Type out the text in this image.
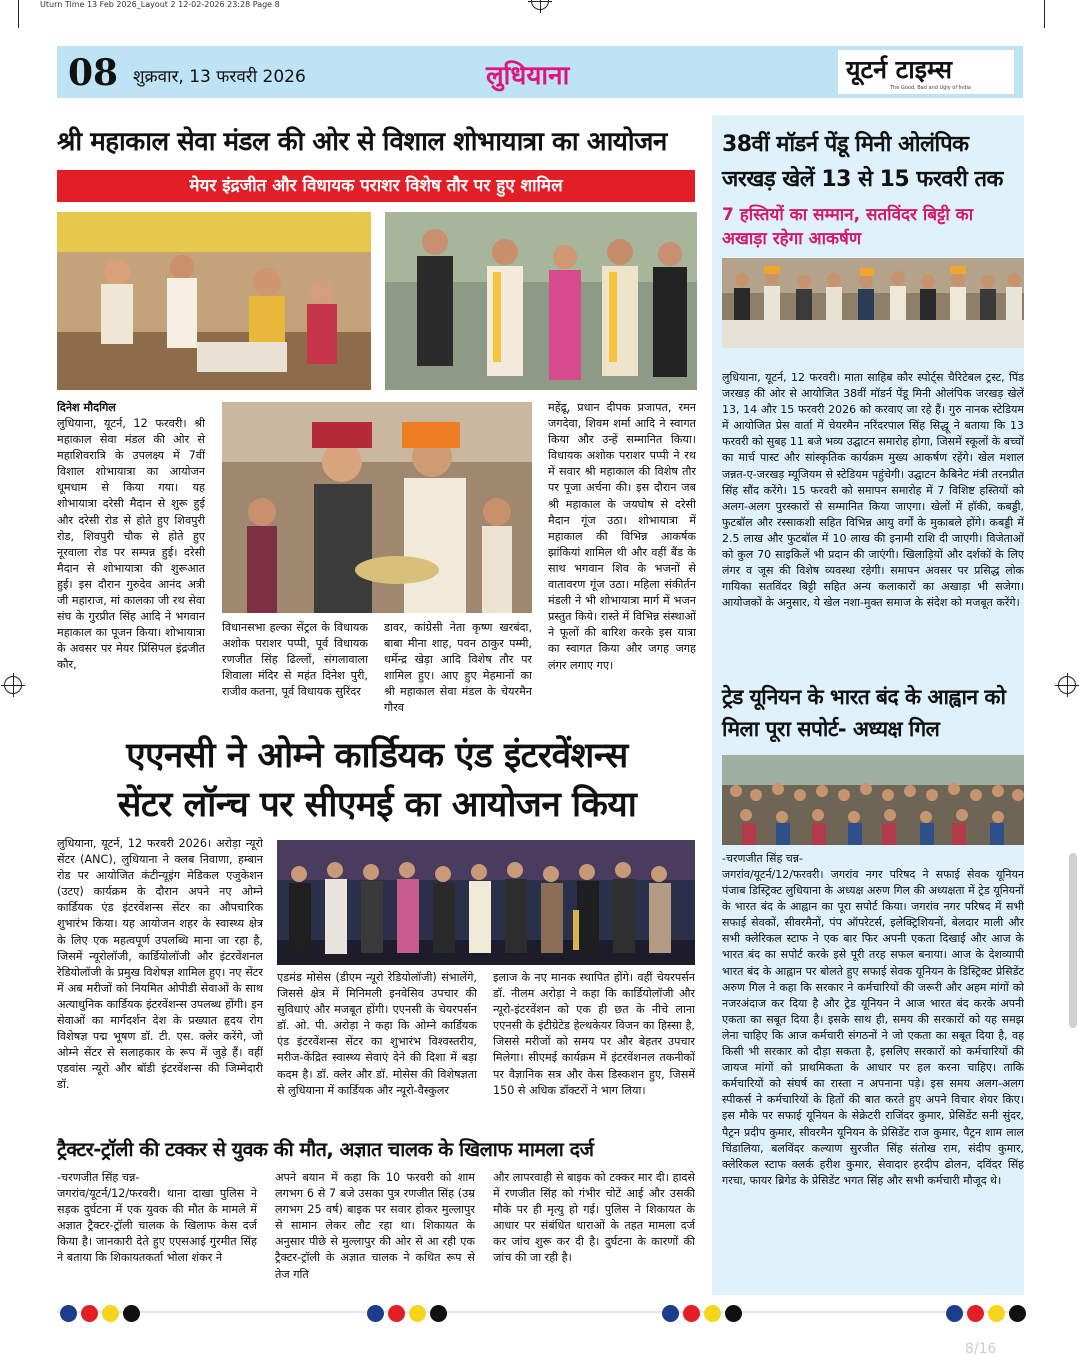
Uturn Time 13 Feb 2026_Layout 2 12-02-2026 23:28 Page 8
08 शुक्रवार, 13 फरवरी 2026	लुधियाना	यूटर्न टाइम्स
The Good, Bad and Ugly of India
श्री महाकाल सेवा मंडल की ओर से विशाल शोभायात्रा का आयोजन
मेयर इंद्रजीत और विधायक पराशर विशेष तौर पर हुए शामिल
दिनेश मौदगिल
लुधियाना, यूटर्न, 12 फरवरी। श्री महाकाल सेवा मंडल की ओर से महाशिवरात्रि के उपलक्ष्य में 7वीं विशाल शोभायात्रा का आयोजन धूमधाम से किया गया। यह शोभायात्रा दरेसी मैदान से शुरू हुई और दरेसी रोड से होते हुए शिवपुरी रोड, शिवपुरी चौक से होते हुए नूरवाला रोड पर सम्पन्न हुई। दरेसी मैदान से शोभायात्रा की शुरूआत हुई। इस दौरान गुरुदेव आनंद अत्री जी महाराज, मां कालका जी रथ सेवा संघ के गुरप्रीत सिंह आदि ने भगवान महाकाल का पूजन किया। शोभायात्रा के अवसर पर मेयर प्रिंसिपल इंद्रजीत कौर,
विधानसभा हल्का सेंट्रल के विधायक अशोक पराशर पप्पी, पूर्व विधायक रणजीत सिंह ढिल्लों, संगलावाला शिवाला मंदिर से महंत दिनेश पुरी, राजीव कतना, पूर्व विधायक सुरिंदर
डावर, कांग्रेसी नेता कृष्ण खरबंदा, बाबा मीना शाह, पवन ठाकुर पम्मी, धर्मेन्द्र खेड़ा आदि विशेष तौर पर शामिल हुए। आए हुए मेहमानों का श्री महाकाल सेवा मंडल के चेयरमैन गौरव
महेंद्रू, प्रधान दीपक प्रजापत, रमन जगदेवा, शिवम शर्मा आदि ने स्वागत किया और उन्हें सम्मानित किया। विधायक अशोक पराशर पप्पी ने रथ में सवार श्री महाकाल की विशेष तौर पर पूजा अर्चना की। इस दौरान जब श्री महाकाल के जयघोष से दरेसी मैदान गूंज उठा। शोभायात्रा में महाकाल की विभिन्न आकर्षक झांकियां शामिल थी और वहीं बैंड के साथ भगवान शिव के भजनों से वातावरण गूंज उठा। महिला संकीर्तन मंडली ने भी शोभायात्रा मार्ग में भजन प्रस्तुत किये। रास्ते में विभिन्न संस्थाओं ने फूलों की बारिश करके इस यात्रा का स्वागत किया और जगह जगह लंगर लगाए गए।
एएनसी ने ओम्ने कार्डियक एंड इंटरवेंशन्स
सेंटर लॉन्च पर सीएमई का आयोजन किया
लुधियाना, यूटर्न, 12 फरवरी 2026। अरोड़ा न्यूरो सेंटर (ANC), लुधियाना ने क्लब निवाणा, हम्बान रोड पर आयोजित कंटीन्यूइंग मेडिकल एजुकेशन (उटए) कार्यक्रम के दौरान अपने नए ओम्ने कार्डियक एंड इंटरवेंशन्स सेंटर का औपचारिक शुभारंभ किया। यह आयोजन शहर के स्वास्थ्य क्षेत्र के लिए एक महत्वपूर्ण उपलब्धि माना जा रहा है, जिसमें न्यूरोलॉजी, कार्डियोलॉजी और इंटरवेंशनल रेडियोलॉजी के प्रमुख विशेषज्ञ शामिल हुए। नए सेंटर में अब मरीजों को नियमित ओपीडी सेवाओं के साथ अत्याधुनिक कार्डियक इंटरवेंशन्स उपलब्ध होंगी। इन सेवाओं का मार्गदर्शन देश के प्रख्यात हृदय रोग विशेषज्ञ पद्म भूषण डॉ. टी. एस. क्लेर करेंगे, जो ओम्ने सेंटर से सलाहकार के रूप में जुड़े हैं। वहीं एडवांस न्यूरो और बॉडी इंटरवेंशन्स की जिम्मेदारी डॉ.
एडमंड मोसेस (डीएम न्यूरो रेडियोलॉजी) संभालेंगे, जिससे क्षेत्र में मिनिमली इनवेसिव उपचार की सुविधाएं और मजबूत होंगी। एएनसी के चेयरपर्सन डॉ. ओ. पी. अरोड़ा ने कहा कि ओम्ने कार्डियक एंड इंटरवेंशन्स सेंटर का शुभारंभ विश्वस्तरीय, मरीज-केंद्रित स्वास्थ्य सेवाएं देने की दिशा में बड़ा कदम है। डॉ. क्लेर और डॉ. मोसेस की विशेषज्ञता से लुधियाना में कार्डियक और न्यूरो-वैस्कुलर
इलाज के नए मानक स्थापित होंगे। वहीं चेयरपर्सन डॉ. नीलम अरोड़ा ने कहा कि कार्डियोलॉजी और न्यूरो-इंटरवेंशन को एक ही छत के नीचे लाना एएनसी के इंटीग्रेटेड हेल्थकेयर विजन का हिस्सा है, जिससे मरीजों को समय पर और बेहतर उपचार मिलेगा। सीएमई कार्यक्रम में इंटरवेंशनल तकनीकों पर वैज्ञानिक सत्र और केस डिस्कशन हुए, जिसमें 150 से अधिक डॉक्टरों ने भाग लिया।
ट्रैक्टर-ट्रॉली की टक्कर से युवक की मौत, अज्ञात चालक के खिलाफ मामला दर्ज
-चरणजीत सिंह चन्न-
जगरांव/यूटर्न/12/फरवरी। थाना दाखा पुलिस ने सड़क दुर्घटना में एक युवक की मौत के मामले में अज्ञात ट्रैक्टर-ट्रॉली चालक के खिलाफ केस दर्ज किया है। जानकारी देते हुए एएसआई गुरमीत सिंह ने बताया कि शिकायतकर्ता भोला शंकर ने
अपने बयान में कहा कि 10 फरवरी को शाम लगभग 6 से 7 बजे उसका पुत्र रणजीत सिंह (उम्र लगभग 25 वर्ष) बाइक पर सवार होकर मुल्लापुर से सामान लेकर लौट रहा था। शिकायत के अनुसार पीछे से मुल्लापुर की ओर से आ रही एक ट्रैक्टर-ट्रॉली के अज्ञात चालक ने कथित रूप से तेज गति
और लापरवाही से बाइक को टक्कर मार दी। हादसे में रणजीत सिंह को गंभीर चोटें आई और उसकी मौके पर ही मृत्यु हो गई। पुलिस ने शिकायत के आधार पर संबंधित धाराओं के तहत मामला दर्ज कर जांच शुरू कर दी है। दुर्घटना के कारणों की जांच की जा रही है।
38वीं मॉडर्न पेंडू मिनी ओलंपिक
जरखड़ खेलें 13 से 15 फरवरी तक
7 हस्तियों का सम्मान, सतविंदर बिट्टी का अखाड़ा रहेगा आकर्षण
लुधियाना, यूटर्न, 12 फरवरी। माता साहिब कौर स्पोर्ट्स चैरिटेबल ट्रस्ट, पिंड जरखड़ की ओर से आयोजित 38वीं मॉडर्न पेंडू मिनी ओलंपिक जरखड़ खेलें 13, 14 और 15 फरवरी 2026 को करवाए जा रहे हैं। गुरु नानक स्टेडियम में आयोजित प्रेस वार्ता में चेयरमैन नरिंदरपाल सिंह सिद्धू ने बताया कि 13 फरवरी को सुबह 11 बजे भव्य उद्घाटन समारोह होगा, जिसमें स्कूलों के बच्चों का मार्च पास्ट और सांस्कृतिक कार्यक्रम मुख्य आकर्षण रहेंगे। खेल मशाल जन्नत-ए-जरखड़ म्यूजियम से स्टेडियम पहुंचेगी। उद्घाटन कैबिनेट मंत्री तरनप्रीत सिंह सौंद करेंगे। 15 फरवरी को समापन समारोह में 7 विशिष्ट हस्तियों को अलग-अलग पुरस्कारों से सम्मानित किया जाएगा। खेलों में हॉकी, कबड्डी, फुटबॉल और रस्साकशी सहित विभिन्न आयु वर्गों के मुकाबले होंगे। कबड्डी में 2.5 लाख और फुटबॉल में 10 लाख की इनामी राशि दी जाएगी। विजेताओं को कुल 70 साइकिलें भी प्रदान की जाएंगी। खिलाड़ियों और दर्शकों के लिए लंगर व जूस की विशेष व्यवस्था रहेगी। समापन अवसर पर प्रसिद्ध लोक गायिका सतविंदर बिट्टी सहित अन्य कलाकारों का अखाड़ा भी सजेगा। आयोजकों के अनुसार, ये खेल नशा-मुक्त समाज के संदेश को मजबूत करेंगे।
ट्रेड यूनियन के भारत बंद के आह्वान को
मिला पूरा सपोर्ट- अध्यक्ष गिल
-चरणजीत सिंह चन्न-
जगरांव/यूटर्न/12/फरवरी। जगरांव नगर परिषद ने सफाई सेवक यूनियन पंजाब डिस्ट्रिक्ट लुधियाना के अध्यक्ष अरुण गिल की अध्यक्षता में ट्रेड यूनियनों के भारत बंद के आह्वान का पूरा सपोर्ट किया। जगरांव नगर परिषद में सभी सफाई सेवकों, सीवरमैनों, पंप ऑपरेटर्स, इलेक्ट्रिशियनों, बेलदार माली और सभी क्लेरिकल स्टाफ ने एक बार फिर अपनी एकता दिखाई और आज के भारत बंद का सपोर्ट करके इसे पूरी तरह सफल बनाया। आज के देशव्यापी भारत बंद के आह्वान पर बोलते हुए सफाई सेवक यूनियन के डिस्ट्रिक्ट प्रेसिडेंट अरुण गिल ने कहा कि सरकार ने कर्मचारियों की जरूरी और अहम मांगों को नजरअंदाज कर दिया है और ट्रेड यूनियन ने आज भारत बंद करके अपनी एकता का सबूत दिया है। इसके साथ ही, समय की सरकारों को यह समझ लेना चाहिए कि आज कर्मचारी संगठनों ने जो एकता का सबूत दिया है, वह किसी भी सरकार को दौड़ा सकता है, इसलिए सरकारों को कर्मचारियों की जायज मांगों को प्राथमिकता के आधार पर हल करना चाहिए। ताकि कर्मचारियों को संघर्ष का रास्ता न अपनाना पड़े। इस समय अलग-अलग स्पीकर्स ने कर्मचारियों के हितों की बात करते हुए अपने विचार शेयर किए। इस मौके पर सफाई यूनियन के सेक्रेटरी राजिंदर कुमार, प्रेसिडेंट सनी सुंदर, पैट्रन प्रदीप कुमार, सीवरमैन यूनियन के प्रेसिडेंट राज कुमार, पैट्रन शाम लाल चिंडालिया, बलविंदर कल्याण सुरजीत सिंह संतोख राम, संदीप कुमार, क्लेरिकल स्टाफ क्लर्क हरीश कुमार, सेवादार हरदीप ढोलन, दविंदर सिंह गरचा, फायर ब्रिगेड के प्रेसिडेंट भगत सिंह और सभी कर्मचारी मौजूद थे।
8/16
